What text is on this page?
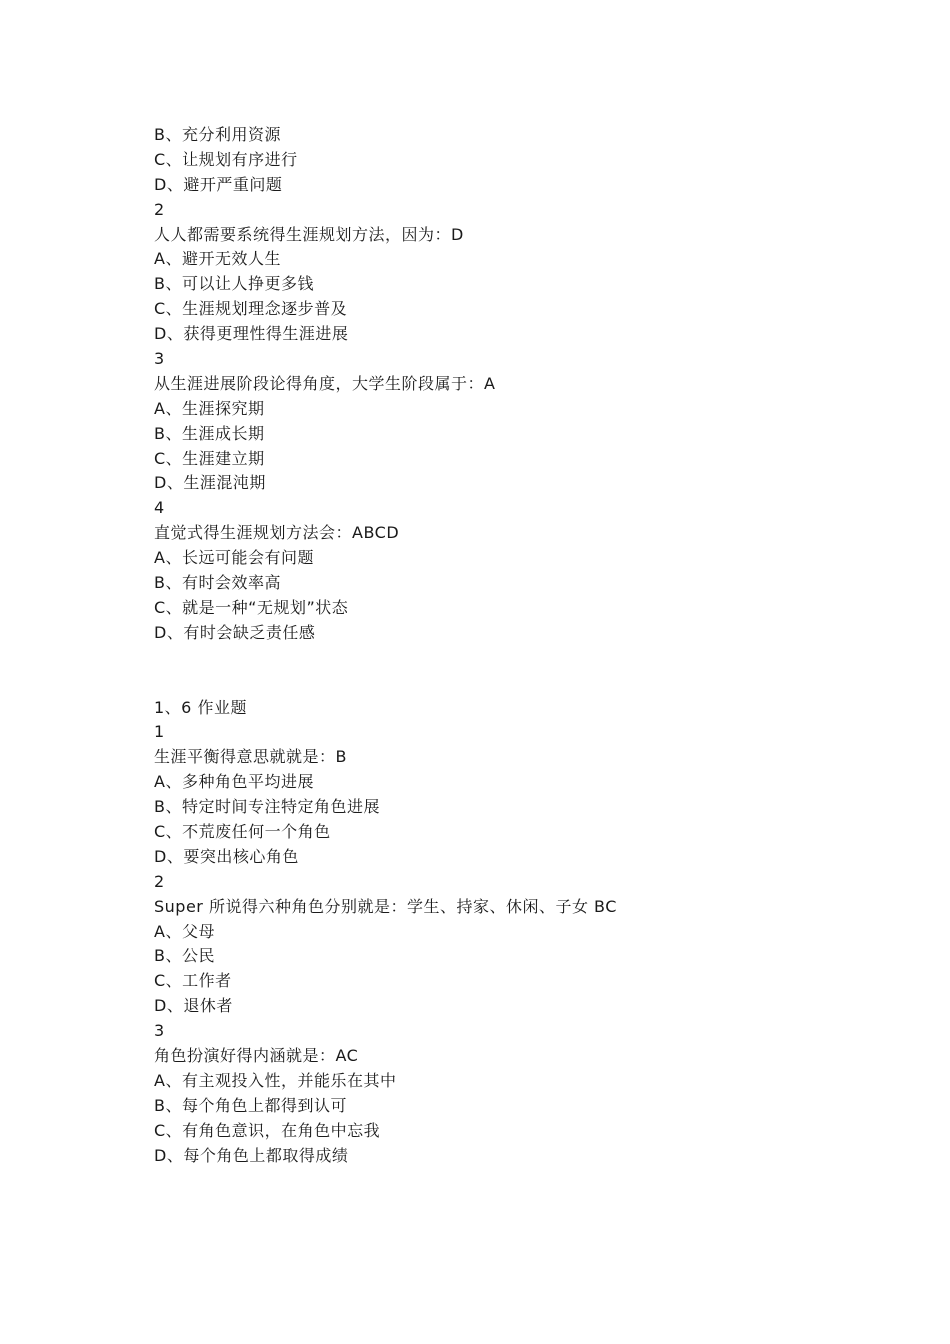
B、充分利用资源
C、让规划有序进行
D、避开严重问题
2
人人都需要系统得生涯规划方法，因为：D
A、避开无效人生
B、可以让人挣更多钱
C、生涯规划理念逐步普及
D、获得更理性得生涯进展
3
从生涯进展阶段论得角度，大学生阶段属于：A
A、生涯探究期
B、生涯成长期
C、生涯建立期
D、生涯混沌期
4
直觉式得生涯规划方法会：ABCD
A、长远可能会有问题
B、有时会效率高
C、就是一种“无规划”状态
D、有时会缺乏责任感
1、6 作业题
1
生涯平衡得意思就就是：B
A、多种角色平均进展
B、特定时间专注特定角色进展
C、不荒废任何一个角色
D、要突出核心角色
2
Super 所说得六种角色分别就是：学生、持家、休闲、子女 BC
A、父母
B、公民
C、工作者
D、退休者
3
角色扮演好得内涵就是：AC
A、有主观投入性，并能乐在其中
B、每个角色上都得到认可
C、有角色意识，在角色中忘我
D、每个角色上都取得成绩
